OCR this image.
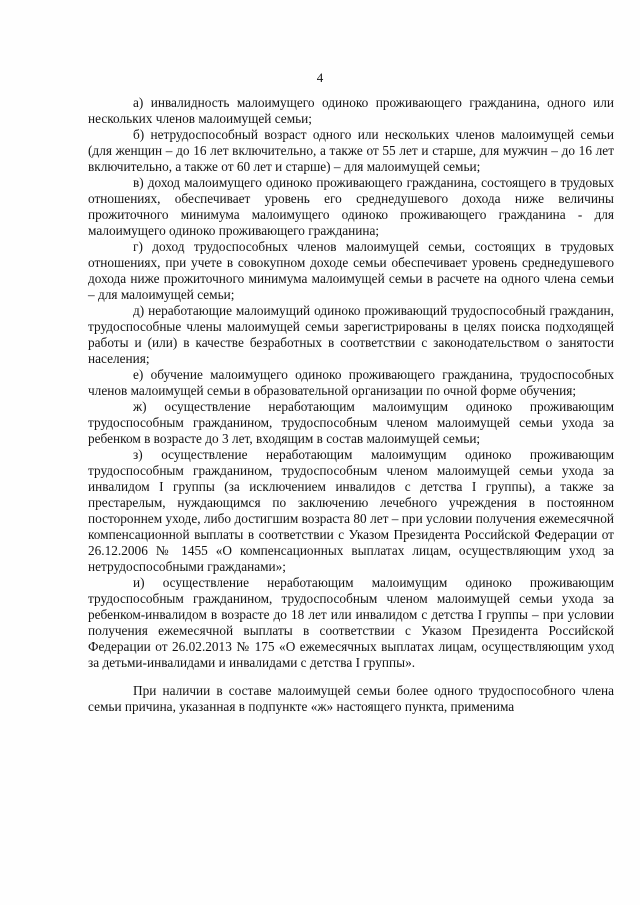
4

а) инвалидность малоимущего одиноко проживающего гражданина, одного или нескольких членов малоимущей семьи;

б) нетрудоспособный возраст одного или нескольких членов малоимущей семьи (для женщин – до 16 лет включительно, а также от 55 лет и старше, для мужчин – до 16 лет включительно, а также от 60 лет и старше) – для малоимущей семьи;

в) доход малоимущего одиноко проживающего гражданина, состоящего в трудовых отношениях, обеспечивает уровень его среднедушевого дохода ниже величины прожиточного минимума малоимущего одиноко проживающего гражданина - для малоимущего одиноко проживающего гражданина;

г) доход трудоспособных членов малоимущей семьи, состоящих в трудовых отношениях, при учете в совокупном доходе семьи обеспечивает уровень среднедушевого дохода ниже прожиточного минимума малоимущей семьи в расчете на одного члена семьи – для малоимущей семьи;

д) неработающие малоимущий одиноко проживающий трудоспособный гражданин, трудоспособные члены малоимущей семьи зарегистрированы в целях поиска подходящей работы и (или) в качестве безработных в соответствии с законодательством о занятости населения;

е) обучение малоимущего одиноко проживающего гражданина, трудоспособных членов малоимущей семьи в образовательной организации по очной форме обучения;

ж) осуществление неработающим малоимущим одиноко проживающим трудоспособным гражданином, трудоспособным членом малоимущей семьи ухода за ребенком в возрасте до 3 лет, входящим в состав малоимущей семьи;

з) осуществление неработающим малоимущим одиноко проживающим трудоспособным гражданином, трудоспособным членом малоимущей семьи ухода за инвалидом I группы (за исключением инвалидов с детства I группы), а также за престарелым, нуждающимся по заключению лечебного учреждения в постоянном постороннем уходе, либо достигшим возраста 80 лет – при условии получения ежемесячной компенсационной выплаты в соответствии с Указом Президента Российской Федерации от 26.12.2006 № 1455 «О компенсационных выплатах лицам, осуществляющим уход за нетрудоспособными гражданами»;

и) осуществление неработающим малоимущим одиноко проживающим трудоспособным гражданином, трудоспособным членом малоимущей семьи ухода за ребенком-инвалидом в возрасте до 18 лет или инвалидом с детства I группы – при условии получения ежемесячной выплаты в соответствии с Указом Президента Российской Федерации от 26.02.2013 № 175 «О ежемесячных выплатах лицам, осуществляющим уход за детьми-инвалидами и инвалидами с детства I группы».

При наличии в составе малоимущей семьи более одного трудоспособного члена семьи причина, указанная в подпункте «ж» настоящего пункта, применима
